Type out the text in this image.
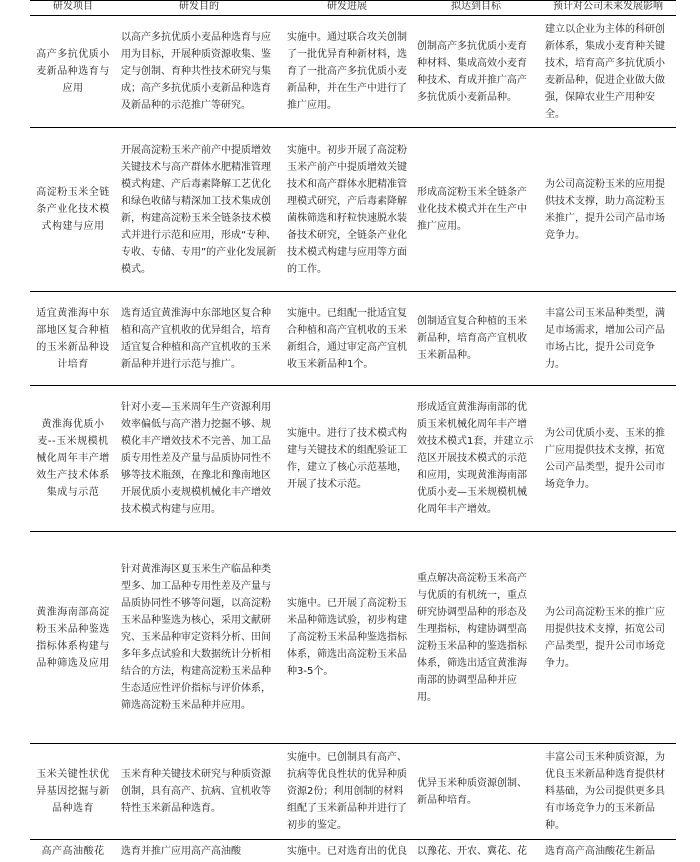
研发项目	研发目的	研发进展	拟达到目标	预计对公司未来发展影响
高产多抗优质小麦新品种选育与应用	以高产多抗优质小麦品种选育与应用为目标，开展种质资源收集、鉴定与创制、育种共性技术研究与集成；高产多抗优质小麦新品种选育及新品种的示范推广等研究。	实施中。通过联合攻关创制了一批优异育种新材料，选育了一批高产多抗优质小麦新品种，并在生产中进行了推广应用。	创制高产多抗优质小麦育种材料、集成高效小麦育种技术、育成并推广高产多抗优质小麦新品种。	建立以企业为主体的科研创新体系，集成小麦育种关键技术，培育高产多抗优质小麦新品种，促进企业做大做强，保障农业生产用种安全。
高淀粉玉米全链条产业化技术模式构建与应用	开展高淀粉玉米产前产中提质增效关键技术与高产群体水肥精准管理模式构建、产后毒素降解工艺优化和绿色收储与精深加工技术集成创新，构建高淀粉玉米全链条技术模式并进行示范和应用，形成“专种、专收、专储、专用”的产业化发展新模式。	实施中。初步开展了高淀粉玉米产前产中提质增效关键技术和高产群体水肥精准管理模式研究，产后毒素降解菌株筛选和籽粒快速脱水装备技术研究，全链条产业化技术模式构建与应用等方面的工作。	形成高淀粉玉米全链条产业化技术模式并在生产中推广应用。	为公司高淀粉玉米的应用提供技术支撑，助力高淀粉玉米推广，提升公司产品市场竞争力。
适宜黄淮海中东部地区复合种植的玉米新品种设计培育	选育适宜黄淮海中东部地区复合种植和高产宜机收的优异组合，培育适宜复合种植和高产宜机收的玉米新品种并进行示范与推广。	实施中。已组配一批适宜复合种植和高产宜机收的玉米新组合，通过审定高产宜机收玉米新品种1个。	创制适宜复合种植的玉米新品种，培育高产宜机收玉米新品种。	丰富公司玉米品种类型，满足市场需求，增加公司产品市场占比，提升公司竞争力。
黄淮海优质小麦--玉米规模机械化周年丰产增效生产技术体系集成与示范	针对小麦—玉米周年生产资源利用效率偏低与高产潜力挖掘不够、规模化丰产增效技术不完善、加工品质专用性差及产量与品质协同性不够等技术瓶颈，在豫北和豫南地区开展优质小麦规模机械化丰产增效技术模式构建与应用。	实施中。进行了技术模式构建与关键技术的组配验证工作，建立了核心示范基地，开展了技术示范。	形成适宜黄淮海南部的优质玉米机械化周年丰产增效技术模式1套，并建立示范区开展技术模式的示范和应用，实现黄淮海南部优质小麦—玉米规模机械化周年丰产增效。	为公司优质小麦、玉米的推广应用提供技术支撑，拓宽公司产品类型，提升公司市场竞争力。
黄淮海南部高淀粉玉米品种鉴选指标体系构建与品种筛选及应用	针对黄淮海区夏玉米生产临品种类型多、加工品种专用性差及产量与品质协同性不够等问题，以高淀粉玉米品种鉴选为核心，采用文献研究、玉米品种审定资料分析、田间多年多点试验和大数据统计分析相结合的方法，构建高淀粉玉米品种生态适应性评价指标与评价体系，筛选高淀粉玉米品种并应用。	实施中。已开展了高淀粉玉米品种筛选试验，初步构建了高淀粉玉米品种鉴选指标体系，筛选出高淀粉玉米品种3-5个。	重点解决高淀粉玉米高产与优质的有机统一，重点研究协调型品种的形态及生理指标，构建协调型高淀粉玉米品种的鉴选指标体系，筛选出适宜黄淮海南部的协调型品种并应用。	为公司高淀粉玉米的推广应用提供技术支撑，拓宽公司产品类型，提升公司市场竞争力。
玉米关键性状优异基因挖掘与新品种选育	玉米育种关键技术研究与种质资源创制，具有高产、抗病、宜机收等特性玉米新品种选育。	实施中。已创制具有高产、抗病等优良性状的优异种质资源2份；利用创制的材料组配了玉米新品种并进行了初步的鉴定。	优异玉米种质资源创制、新品种培育。	丰富公司玉米种质资源，为优良玉米新品种选育提供材料基础，为公司提供更多具有市场竞争力的玉米新品种。
高产高油酸花	选育并推广应用高产高油酸	实施中。已对选育出的优良	以豫花、开农、冀花、花	选育高产高油酸花生新品
